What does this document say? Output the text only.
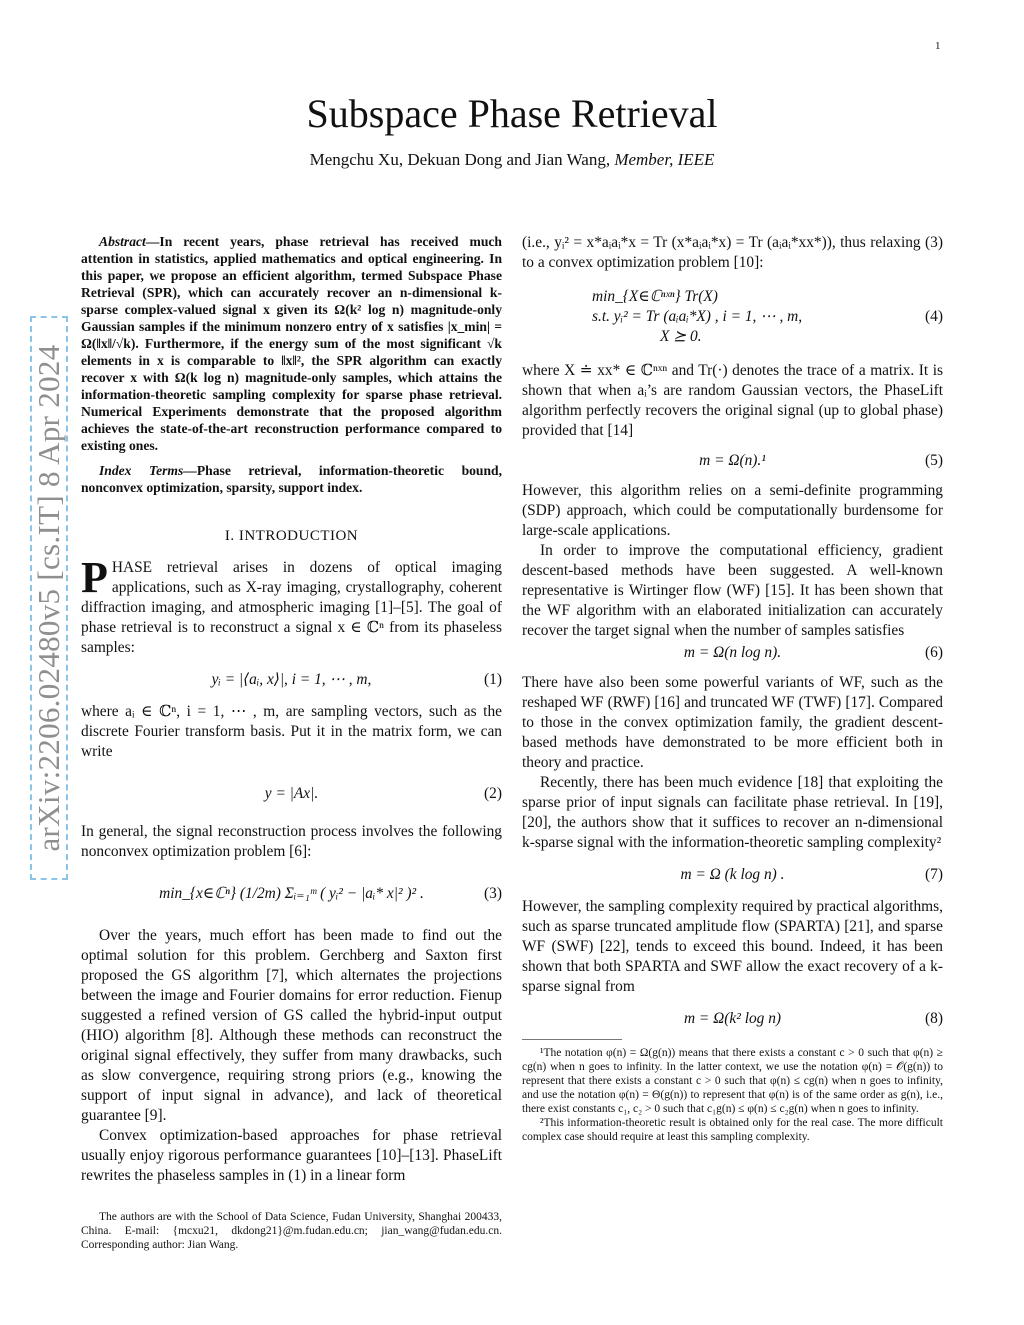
1
arXiv:2206.02480v5 [cs.IT] 8 Apr 2024
Subspace Phase Retrieval
Mengchu Xu, Dekuan Dong and Jian Wang, Member, IEEE

Abstract—In recent years, phase retrieval has received much attention in statistics, applied mathematics and optical engineering. In this paper, we propose an efficient algorithm, termed Subspace Phase Retrieval (SPR), which can accurately recover an n-dimensional k-sparse complex-valued signal x given its Ω(k² log n) magnitude-only Gaussian samples if the minimum nonzero entry of x satisfies |x_min| = Ω(‖x‖/√k). Furthermore, if the energy sum of the most significant √k elements in x is comparable to ‖x‖², the SPR algorithm can exactly recover x with Ω(k log n) magnitude-only samples, which attains the information-theoretic sampling complexity for sparse phase retrieval. Numerical Experiments demonstrate that the proposed algorithm achieves the state-of-the-art reconstruction performance compared to existing ones.

Index Terms—Phase retrieval, information-theoretic bound, nonconvex optimization, sparsity, support index.

I. INTRODUCTION

PHASE retrieval arises in dozens of optical imaging applications, such as X-ray imaging, crystallography, coherent diffraction imaging, and atmospheric imaging [1]–[5]. The goal of phase retrieval is to reconstruct a signal x ∈ ℂⁿ from its phaseless samples:

yᵢ = |⟨aᵢ, x⟩|, i = 1, ⋯ , m,	(1)

where aᵢ ∈ ℂⁿ, i = 1, ⋯ , m, are sampling vectors, such as the discrete Fourier transform basis. Put it in the matrix form, we can write

y = |Ax|.	(2)

In general, the signal reconstruction process involves the following nonconvex optimization problem [6]:

min_{x∈ℂⁿ} (1/2m) Σᵢ₌₁ᵐ ( yᵢ² − |aᵢ* x|² )² .	(3)

Over the years, much effort has been made to find out the optimal solution for this problem. Gerchberg and Saxton first proposed the GS algorithm [7], which alternates the projections between the image and Fourier domains for error reduction. Fienup suggested a refined version of GS called the hybrid-input output (HIO) algorithm [8]. Although these methods can reconstruct the original signal effectively, they suffer from many drawbacks, such as slow convergence, requiring strong priors (e.g., knowing the support of input signal in advance), and lack of theoretical guarantee [9].

Convex optimization-based approaches for phase retrieval usually enjoy rigorous performance guarantees [10]–[13]. PhaseLift rewrites the phaseless samples in (1) in a linear form

The authors are with the School of Data Science, Fudan University, Shanghai 200433, China. E-mail: {mcxu21, dkdong21}@m.fudan.edu.cn; jian_wang@fudan.edu.cn. Corresponding author: Jian Wang.

(i.e., yᵢ² = x*aᵢaᵢ*x = Tr (x*aᵢaᵢ*x) = Tr (aᵢaᵢ*xx*)), thus relaxing (3) to a convex optimization problem [10]:

min_{X∈ℂⁿˣⁿ} Tr(X)
s.t. yᵢ² = Tr (aᵢaᵢ*X) , i = 1, ⋯ , m,	(4)
X ⪰ 0.

where X ≐ xx* ∈ ℂⁿˣⁿ and Tr(·) denotes the trace of a matrix. It is shown that when aᵢ’s are random Gaussian vectors, the PhaseLift algorithm perfectly recovers the original signal (up to global phase) provided that [14]

m = Ω(n).¹	(5)

However, this algorithm relies on a semi-definite programming (SDP) approach, which could be computationally burdensome for large-scale applications.

In order to improve the computational efficiency, gradient descent-based methods have been suggested. A well-known representative is Wirtinger flow (WF) [15]. It has been shown that the WF algorithm with an elaborated initialization can accurately recover the target signal when the number of samples satisfies

m = Ω(n log n).	(6)

There have also been some powerful variants of WF, such as the reshaped WF (RWF) [16] and truncated WF (TWF) [17]. Compared to those in the convex optimization family, the gradient descent-based methods have demonstrated to be more efficient both in theory and practice.

Recently, there has been much evidence [18] that exploiting the sparse prior of input signals can facilitate phase retrieval. In [19], [20], the authors show that it suffices to recover an n-dimensional k-sparse signal with the information-theoretic sampling complexity²

m = Ω (k log n) .	(7)

However, the sampling complexity required by practical algorithms, such as sparse truncated amplitude flow (SPARTA) [21], and sparse WF (SWF) [22], tends to exceed this bound. Indeed, it has been shown that both SPARTA and SWF allow the exact recovery of a k-sparse signal from

m = Ω(k² log n)	(8)

¹The notation φ(n) = Ω(g(n)) means that there exists a constant c > 0 such that φ(n) ≥ cg(n) when n goes to infinity. In the latter context, we use the notation φ(n) = 𝒪(g(n)) to represent that there exists a constant c > 0 such that φ(n) ≤ cg(n) when n goes to infinity, and use the notation φ(n) = Θ(g(n)) to represent that φ(n) is of the same order as g(n), i.e., there exist constants c₁, c₂ > 0 such that c₁g(n) ≤ φ(n) ≤ c₂g(n) when n goes to infinity.

²This information-theoretic result is obtained only for the real case. The more difficult complex case should require at least this sampling complexity.
